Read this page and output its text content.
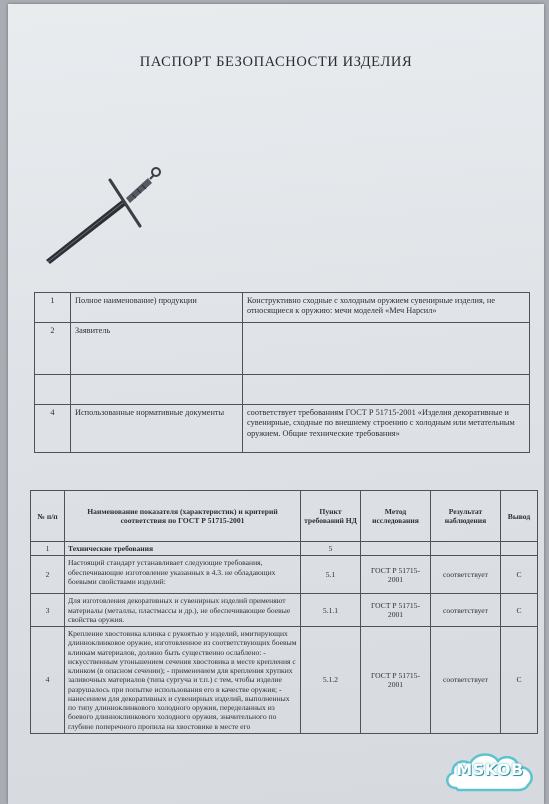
ПАСПОРТ БЕЗОПАСНОСТИ ИЗДЕЛИЯ
1	Полное наименование) продукции	Конструктивно сходные с холодным оружием сувенирные изделия, не относящиеся к оружию: мечи моделей «Меч Нарсил»
2	Заявитель	

4	Использованные нормативные документы	соответствует требованиям ГОСТ Р 51715-2001 «Изделия декоративные и сувенирные, сходные по внешнему строению с холодным или метательным оружием. Общие технические требования»
№ п/п	Наименование показателя (характеристик) и критерий соответствия по ГОСТ Р 51715-2001	Пункт требований НД	Метод исследования	Результат наблюдения	Вывод
1	Технические требования	5			
2	Настоящий стандарт устанавливает следующие требования, обеспечивающие изготовление указанных в 4.3. не обладающих боевыми свойствами изделий:	5.1	ГОСТ Р 51715-2001	соответствует	С
3	Для изготовления декоративных и сувенирных изделий применяют материалы (металлы, пластмассы и др.), не обеспечивающие боевые свойства оружия.	5.1.1	ГОСТ Р 51715-2001	соответствует	С
4	Крепление хвостовика клинка с рукоятью у изделий, имитирующих длинноклинковое оружие, изготовленное из соответствующих боевым клинкам материалов, должно быть существенно ослаблено: - искусственным утоньшением сечения хвостовика в месте крепления с клинком (в опасном сечении); - применением для крепления хрупких заливочных материалов (типа сургуча и т.п.) с тем, чтобы изделие разрушалось при попытке использования его в качестве оружия; - нанесением для декоративных и сувенирных изделий, выполненных по типу длинноклинкового холодного оружия, переделанных из боевого длинноклинкового холодного оружия, значительного по глубине поперечного пропила на хвостовике в месте его	5.1.2	ГОСТ Р 51715-2001	соответствует	С
MSKOB
